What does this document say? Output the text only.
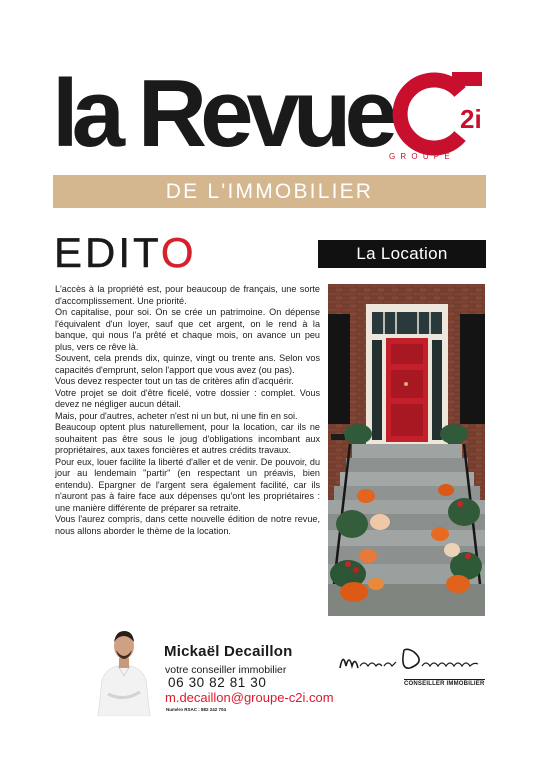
la Revue	2i
GROUPE
DE L'IMMOBILIER
EDITO	La Location

L'accès à la propriété est, pour beaucoup de français, une sorte d'accomplissement. Une priorité.

On capitalise, pour soi. On se crée un patrimoine. On dépense l'équivalent d'un loyer, sauf que cet argent, on le rend à la banque, qui nous l'a prêté et chaque mois, on avance un peu plus, vers ce rêve là.

Souvent, cela prends dix, quinze, vingt ou trente ans. Selon vos capacités d'emprunt, selon l'apport que vous avez (ou pas).

Vous devez respecter tout un tas de critères afin d'acquérir.

Votre projet se doit d'être ficelé, votre dossier : complet. Vous devez ne négliger aucun détail.

Mais, pour d'autres, acheter n'est ni un but, ni une fin en soi.

Beaucoup optent plus naturellement, pour la location, car ils ne souhaitent pas être sous le joug d'obligations incombant aux propriétaires, aux taxes foncières et autres crédits travaux.

Pour eux, louer facilite la liberté d'aller et de venir. De pouvoir, du jour au lendemain "partir" (en respectant un préavis, bien entendu). Epargner de l'argent sera également facilité, car ils n'auront pas à faire face aux dépenses qu'ont les propriétaires : une manière différente de préparer sa retraite.

Vous l'aurez compris, dans cette nouvelle édition de notre revue, nous allons aborder le thème de la location.

Mickaël Decaillon
votre conseiller immobilier
06 30 82 81 30
m.decaillon@groupe-c2i.com
Numéro RSAC : 882 242 704
CONSEILLER IMMOBILIER
